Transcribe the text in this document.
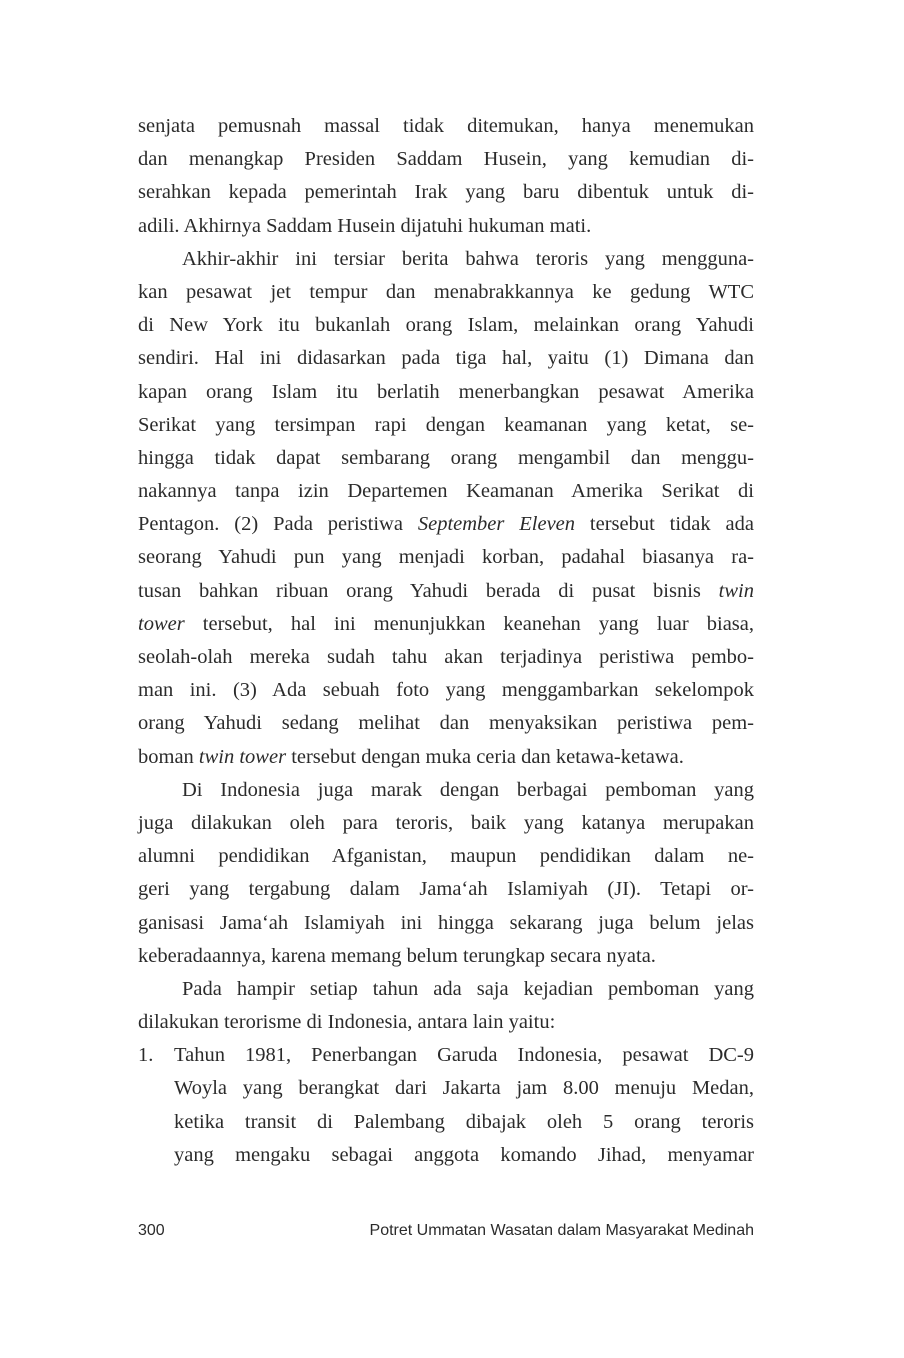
senjata pemusnah massal tidak ditemukan, hanya menemukan
dan menangkap Presiden Saddam Husein, yang kemudian di-
serahkan kepada pemerintah Irak yang baru dibentuk untuk di-
adili. Akhirnya Saddam Husein dijatuhi hukuman mati.
Akhir-akhir ini tersiar berita bahwa teroris yang mengguna-
kan pesawat jet tempur dan menabrakkannya ke gedung WTC
di New York itu bukanlah orang Islam, melainkan orang Yahudi
sendiri. Hal ini didasarkan pada tiga hal, yaitu (1) Dimana dan
kapan orang Islam itu berlatih menerbangkan pesawat Amerika
Serikat yang tersimpan rapi dengan keamanan yang ketat, se-
hingga tidak dapat sembarang orang mengambil dan menggu-
nakannya tanpa izin Departemen Keamanan Amerika Serikat di
Pentagon. (2) Pada peristiwa September Eleven tersebut tidak ada
seorang Yahudi pun yang menjadi korban, padahal biasanya ra-
tusan bahkan ribuan orang Yahudi berada di pusat bisnis twin
tower tersebut, hal ini menunjukkan keanehan yang luar biasa,
seolah-olah mereka sudah tahu akan terjadinya peristiwa pembo-
man ini. (3) Ada sebuah foto yang menggambarkan sekelompok
orang Yahudi sedang melihat dan menyaksikan peristiwa pem-
boman twin tower tersebut dengan muka ceria dan ketawa-ketawa.
Di Indonesia juga marak dengan berbagai pemboman yang
juga dilakukan oleh para teroris, baik yang katanya merupakan
alumni pendidikan Afganistan, maupun pendidikan dalam ne-
geri yang tergabung dalam Jama‘ah Islamiyah (JI). Tetapi or-
ganisasi Jama‘ah Islamiyah ini hingga sekarang juga belum jelas
keberadaannya, karena memang belum terungkap secara nyata.
Pada hampir setiap tahun ada saja kejadian pemboman yang
dilakukan terorisme di Indonesia, antara lain yaitu:
1. Tahun 1981, Penerbangan Garuda Indonesia, pesawat DC-9
Woyla yang berangkat dari Jakarta jam 8.00 menuju Medan,
ketika transit di Palembang dibajak oleh 5 orang teroris
yang mengaku sebagai anggota komando Jihad, menyamar
300	Potret Ummatan Wasatan dalam Masyarakat Medinah
